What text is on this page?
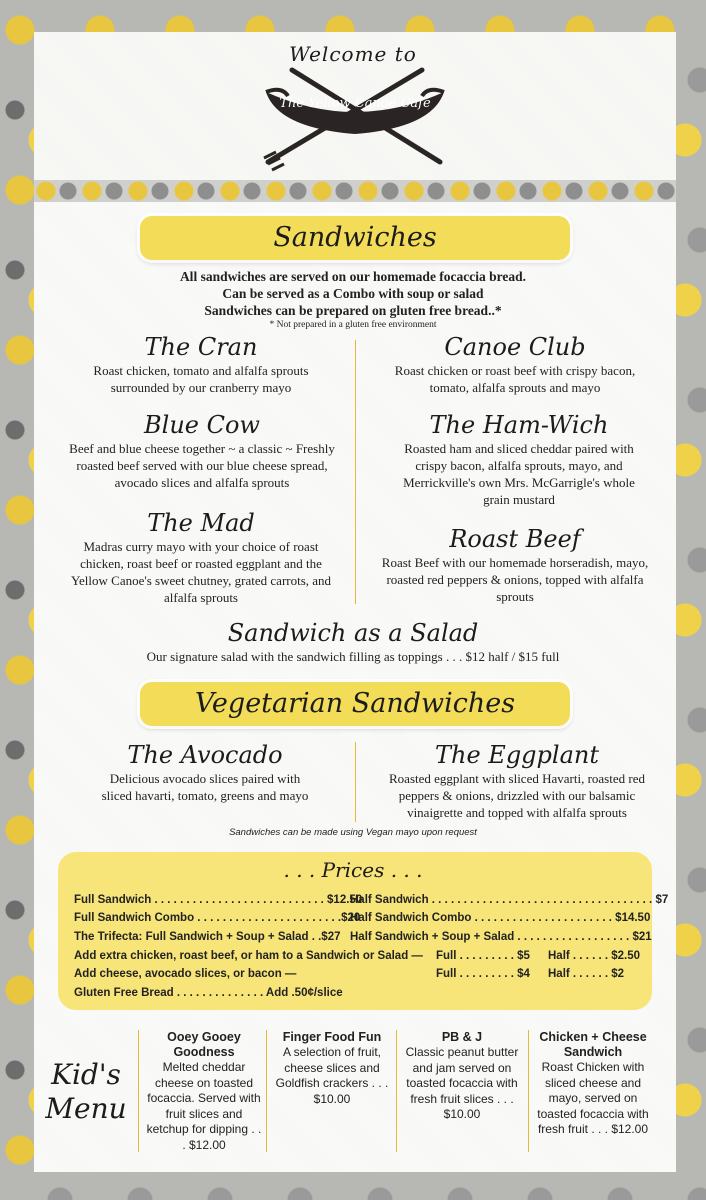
Welcome to
The Yellow Canoe Café
Sandwiches
All sandwiches are served on our homemade focaccia bread.
Can be served as a Combo with soup or salad
Sandwiches can be prepared on gluten free bread..*
* Not prepared in a gluten free environment
The Cran
Roast chicken, tomato and alfalfa sprouts surrounded by our cranberry mayo
Canoe Club
Roast chicken or roast beef with crispy bacon, tomato, alfalfa sprouts and mayo
Blue Cow
Beef and blue cheese together ~ a classic ~ Freshly roasted beef served with our blue cheese spread, avocado slices and alfalfa sprouts
The Ham-Wich
Roasted ham and sliced cheddar paired with crispy bacon, alfalfa sprouts, mayo, and Merrickville's own Mrs. McGarrigle's whole grain mustard
The Mad
Madras curry mayo with your choice of roast chicken, roast beef or roasted eggplant and the Yellow Canoe's sweet chutney, grated carrots, and alfalfa sprouts
Roast Beef
Roast Beef with our homemade horseradish, mayo, roasted red peppers & onions, topped with alfalfa sprouts
Sandwich as a Salad
Our signature salad with the sandwich filling as toppings . . . $12 half / $15 full
Vegetarian Sandwiches
The Avocado
Delicious avocado slices paired with sliced havarti, tomato, greens and mayo
The Eggplant
Roasted eggplant with sliced Havarti, roasted red peppers & onions, drizzled with our balsamic vinaigrette and topped with alfalfa sprouts
Sandwiches can be made using Vegan mayo upon request
. . . Prices . . .
Full Sandwich . . . . . . . . . . . . . . . . . . . . . . . . . . . $12.50
Full Sandwich Combo . . . . . . . . . . . . . . . . . . . . . . .$20
The Trifecta: Full Sandwich + Soup + Salad . .$27
Half Sandwich . . . . . . . . . . . . . . . . . . . . . . . . . . . . . . . . . . . $7
Half Sandwich Combo . . . . . . . . . . . . . . . . . . . . . . $14.50
Half Sandwich + Soup + Salad . . . . . . . . . . . . . . . . . . $21
Add extra chicken, roast beef, or ham to a Sandwich or Salad — Full . . . . . . . . . $5 Half . . . . . . $2.50
Add cheese, avocado slices, or bacon —	Full . . . . . . . . . $4 Half . . . . . . $2
Gluten Free Bread . . . . . . . . . . . . . . Add .50¢/slice
Kid's
Menu
Ooey Gooey Goodness
Melted cheddar cheese on toasted focaccia. Served with fruit slices and ketchup for dipping . . . $12.00
Finger Food Fun
A selection of fruit, cheese slices and Goldfish crackers . . . $10.00
PB & J
Classic peanut butter and jam served on toasted focaccia with fresh fruit slices . . . $10.00
Chicken + Cheese Sandwich
Roast Chicken with sliced cheese and mayo, served on toasted focaccia with fresh fruit . . . $12.00
